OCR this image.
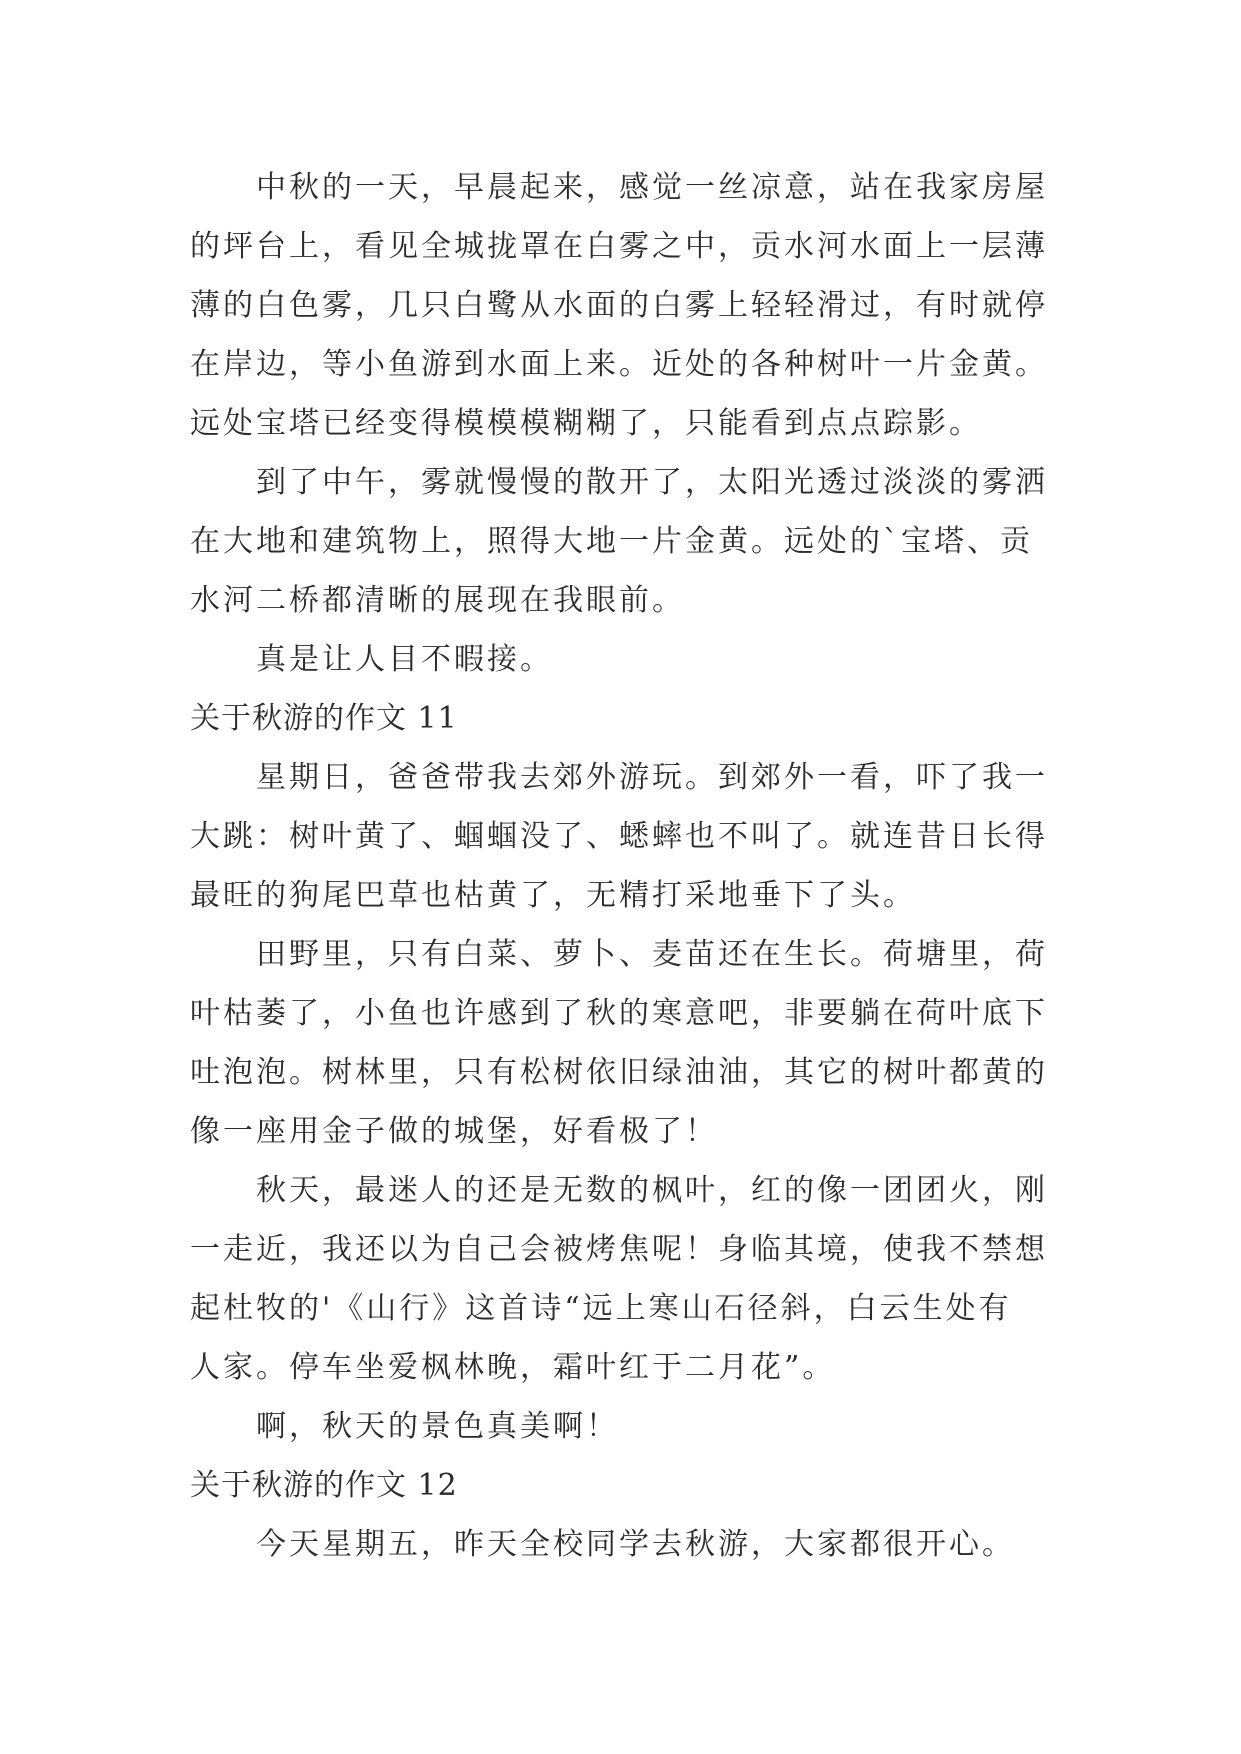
中秋的一天，早晨起来，感觉一丝凉意，站在我家房屋
的坪台上，看见全城拢罩在白雾之中，贡水河水面上一层薄
薄的白色雾，几只白鹭从水面的白雾上轻轻滑过，有时就停
在岸边，等小鱼游到水面上来。近处的各种树叶一片金黄。
远处宝塔已经变得模模模糊糊了，只能看到点点踪影。
到了中午，雾就慢慢的散开了，太阳光透过淡淡的雾洒
在大地和建筑物上，照得大地一片金黄。远处的`宝塔、贡
水河二桥都清晰的展现在我眼前。
真是让人目不暇接。
关于秋游的作文 11
星期日，爸爸带我去郊外游玩。到郊外一看，吓了我一
大跳：树叶黄了、蝈蝈没了、蟋蟀也不叫了。就连昔日长得
最旺的狗尾巴草也枯黄了，无精打采地垂下了头。
田野里，只有白菜、萝卜、麦苗还在生长。荷塘里，荷
叶枯萎了，小鱼也许感到了秋的寒意吧，非要躺在荷叶底下
吐泡泡。树林里，只有松树依旧绿油油，其它的树叶都黄的
像一座用金子做的城堡，好看极了！
秋天，最迷人的还是无数的枫叶，红的像一团团火，刚
一走近，我还以为自己会被烤焦呢！身临其境，使我不禁想
起杜牧的'《山行》这首诗“远上寒山石径斜，白云生处有
人家。停车坐爱枫林晚，霜叶红于二月花”。
啊，秋天的景色真美啊！
关于秋游的作文 12
今天星期五，昨天全校同学去秋游，大家都很开心。
